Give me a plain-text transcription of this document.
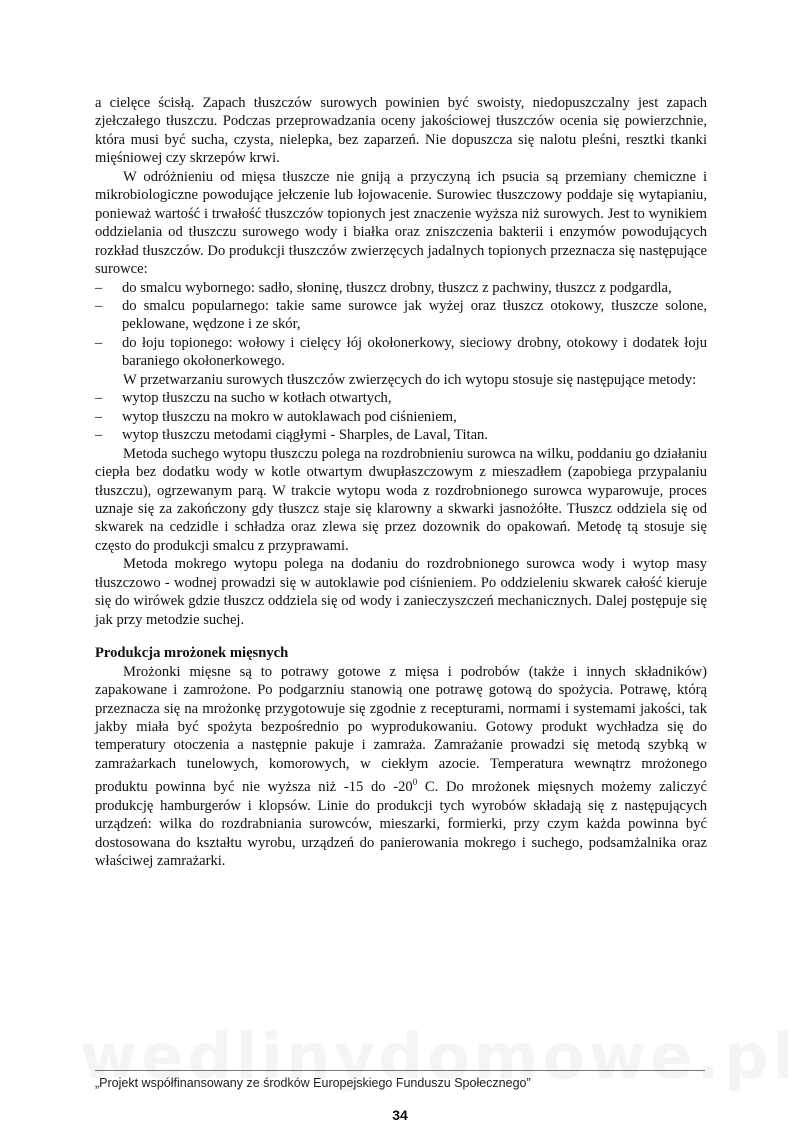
a cielęce ścisłą. Zapach tłuszczów surowych powinien być swoisty, niedopuszczalny jest zapach zjełczałego tłuszczu. Podczas przeprowadzania oceny jakościowej tłuszczów ocenia się powierzchnie, która musi być sucha, czysta, nielepka, bez zaparzeń. Nie dopuszcza się nalotu pleśni, resztki tkanki mięśniowej czy skrzepów krwi.

W odróżnieniu od mięsa tłuszcze nie gniją a przyczyną ich psucia są przemiany chemiczne i mikrobiologiczne powodujące jełczenie lub łojowacenie. Surowiec tłuszczowy poddaje się wytapianiu, ponieważ wartość i trwałość tłuszczów topionych jest znaczenie wyższa niż surowych. Jest to wynikiem oddzielania od tłuszczu surowego wody i białka oraz zniszczenia bakterii i enzymów powodujących rozkład tłuszczów. Do produkcji tłuszczów zwierzęcych jadalnych topionych przeznacza się następujące surowce:

– do smalcu wybornego: sadło, słoninę, tłuszcz drobny, tłuszcz z pachwiny, tłuszcz z podgardla,

– do smalcu popularnego: takie same surowce jak wyżej oraz tłuszcz otokowy, tłuszcze solone, peklowane, wędzone i ze skór,

– do łoju topionego: wołowy i cielęcy łój okołonerkowy, sieciowy drobny, otokowy i dodatek łoju baraniego okołonerkowego.

W przetwarzaniu surowych tłuszczów zwierzęcych do ich wytopu stosuje się następujące metody:

– wytop tłuszczu na sucho w kotłach otwartych,

– wytop tłuszczu na mokro w autoklawach pod ciśnieniem,

– wytop tłuszczu metodami ciągłymi - Sharples, de Laval, Titan.

Metoda suchego wytopu tłuszczu polega na rozdrobnieniu surowca na wilku, poddaniu go działaniu ciepła bez dodatku wody w kotle otwartym dwupłaszczowym z mieszadłem (zapobiega przypalaniu tłuszczu), ogrzewanym parą. W trakcie wytopu woda z rozdrobnionego surowca wyparowuje, proces uznaje się za zakończony gdy tłuszcz staje się klarowny a skwarki jasnożółte. Tłuszcz oddziela się od skwarek na cedzidle i schładza oraz zlewa się przez dozownik do opakowań. Metodę tą stosuje się często do produkcji smalcu z przyprawami.

Metoda mokrego wytopu polega na dodaniu do rozdrobnionego surowca wody i wytop masy tłuszczowo - wodnej prowadzi się w autoklawie pod ciśnieniem. Po oddzieleniu skwarek całość kieruje się do wirówek gdzie tłuszcz oddziela się od wody i zanieczyszczeń mechanicznych. Dalej postępuje się jak przy metodzie suchej.

Produkcja mrożonek mięsnych

Mrożonki mięsne są to potrawy gotowe z mięsa i podrobów (także i innych składników) zapakowane i zamrożone. Po podgarzniu stanowią one potrawę gotową do spożycia. Potrawę, którą przeznacza się na mrożonkę przygotowuje się zgodnie z recepturami, normami i systemami jakości, tak jakby miała być spożyta bezpośrednio po wyprodukowaniu. Gotowy produkt wychładza się do temperatury otoczenia a następnie pakuje i zamraża. Zamrażanie prowadzi się metodą szybką w zamrażarkach tunelowych, komorowych, w ciekłym azocie. Temperatura wewnątrz mrożonego produktu powinna być nie wyższa niż -15 do $-20^0$ C. Do mrożonek mięsnych możemy zaliczyć produkcję hamburgerów i klopsów. Linie do produkcji tych wyrobów składają się z następujących urządzeń: wilka do rozdrabniania surowców, mieszarki, formierki, przy czym każda powinna być dostosowana do kształtu wyrobu, urządzeń do panierowania mokrego i suchego, podsamżalnika oraz właściwej zamrażarki.

„Projekt współfinansowany ze środków Europejskiego Funduszu Społecznego”
34
